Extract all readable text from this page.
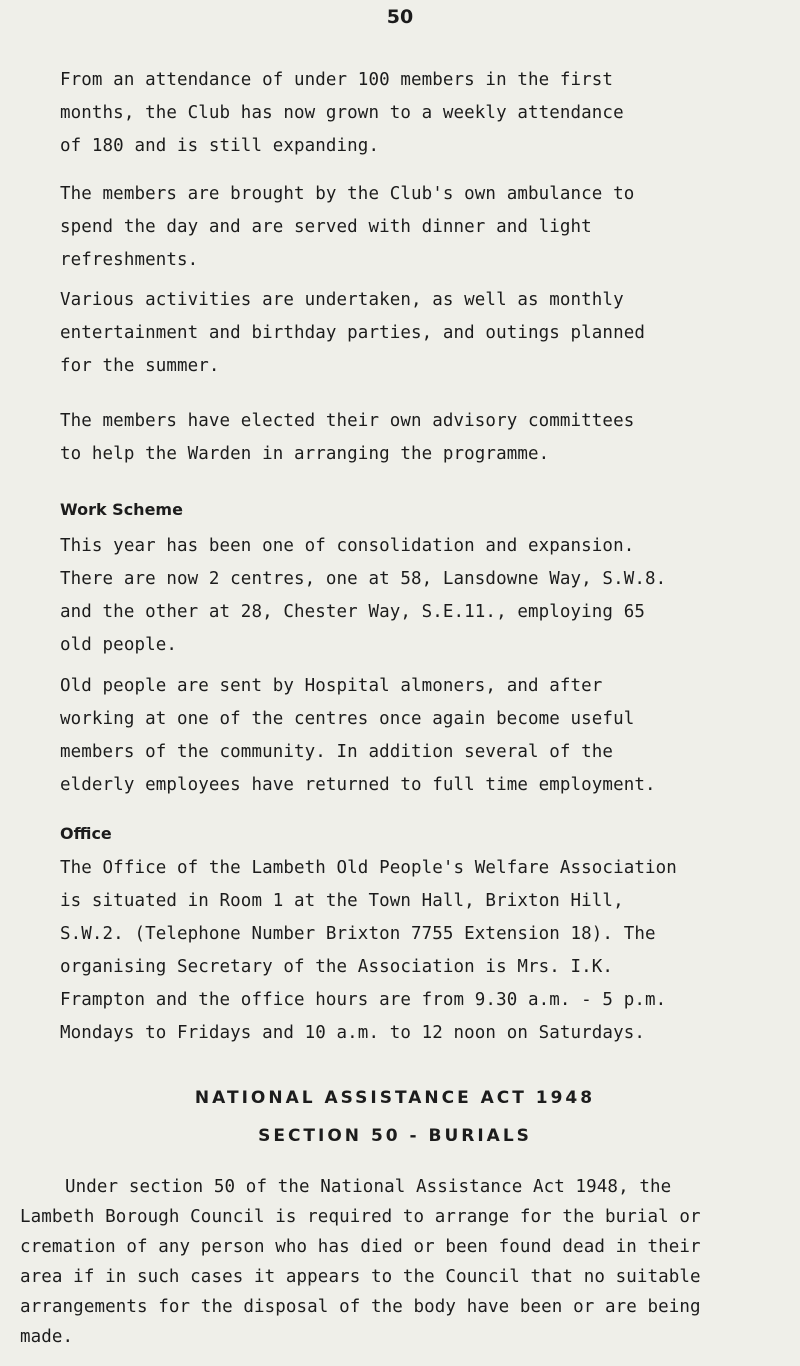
50
From an attendance of under 100 members in the first
months, the Club has now grown to a weekly attendance
of 180 and is still expanding.
The members are brought by the Club's own ambulance to
spend the day and are served with dinner and light
refreshments.
Various activities are undertaken, as well as monthly
entertainment and birthday parties, and outings planned
for the summer.
The members have elected their own advisory committees
to help the Warden in arranging the programme.
Work Scheme
This year has been one of consolidation and expansion.
There are now 2 centres, one at 58, Lansdowne Way, S.W.8.
and the other at 28, Chester Way, S.E.11., employing 65
old people.
Old people are sent by Hospital almoners, and after
working at one of the centres once again become useful
members of the community. In addition several of the
elderly employees have returned to full time employment.
Office
The Office of the Lambeth Old People's Welfare Association
is situated in Room 1 at the Town Hall, Brixton Hill,
S.W.2. (Telephone Number Brixton 7755 Extension 18). The
organising Secretary of the Association is Mrs. I.K.
Frampton and the office hours are from 9.30 a.m. - 5 p.m.
Mondays to Fridays and 10 a.m. to 12 noon on Saturdays.
NATIONAL ASSISTANCE ACT 1948
SECTION 50 - BURIALS
Under section 50 of the National Assistance Act 1948, the
Lambeth Borough Council is required to arrange for the burial or
cremation of any person who has died or been found dead in their
area if in such cases it appears to the Council that no suitable
arrangements for the disposal of the body have been or are being
made.
